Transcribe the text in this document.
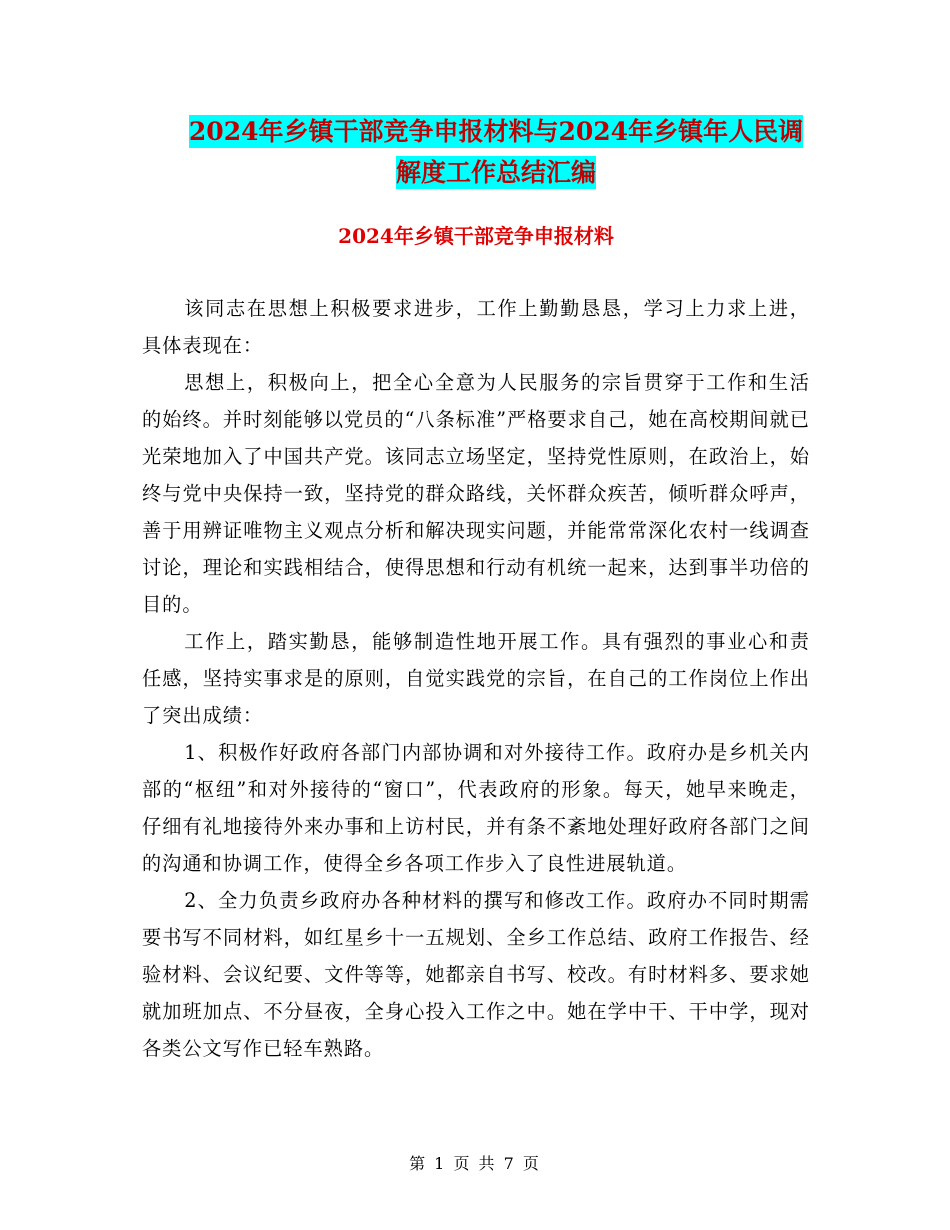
2024年乡镇干部竞争申报材料与2024年乡镇年人民调
解度工作总结汇编
2024年乡镇干部竞争申报材料

该同志在思想上积极要求进步，工作上勤勤恳恳，学习上力求上进，具体表现在：

思想上，积极向上，把全心全意为人民服务的宗旨贯穿于工作和生活的始终。并时刻能够以党员的“八条标准”严格要求自己，她在高校期间就已光荣地加入了中国共产党。该同志立场坚定，坚持党性原则，在政治上，始终与党中央保持一致，坚持党的群众路线，关怀群众疾苦，倾听群众呼声，善于用辨证唯物主义观点分析和解决现实问题，并能常常深化农村一线调查讨论，理论和实践相结合，使得思想和行动有机统一起来，达到事半功倍的目的。

工作上，踏实勤恳，能够制造性地开展工作。具有强烈的事业心和责任感，坚持实事求是的原则，自觉实践党的宗旨，在自己的工作岗位上作出了突出成绩：

1、积极作好政府各部门内部协调和对外接待工作。政府办是乡机关内部的“枢纽”和对外接待的“窗口”，代表政府的形象。每天，她早来晚走，仔细有礼地接待外来办事和上访村民，并有条不紊地处理好政府各部门之间的沟通和协调工作，使得全乡各项工作步入了良性进展轨道。

2、全力负责乡政府办各种材料的撰写和修改工作。政府办不同时期需要书写不同材料，如红星乡十一五规划、全乡工作总结、政府工作报告、经验材料、会议纪要、文件等等，她都亲自书写、校改。有时材料多、要求她就加班加点、不分昼夜，全身心投入工作之中。她在学中干、干中学，现对各类公文写作已轻车熟路。

第 1 页 共 7 页
